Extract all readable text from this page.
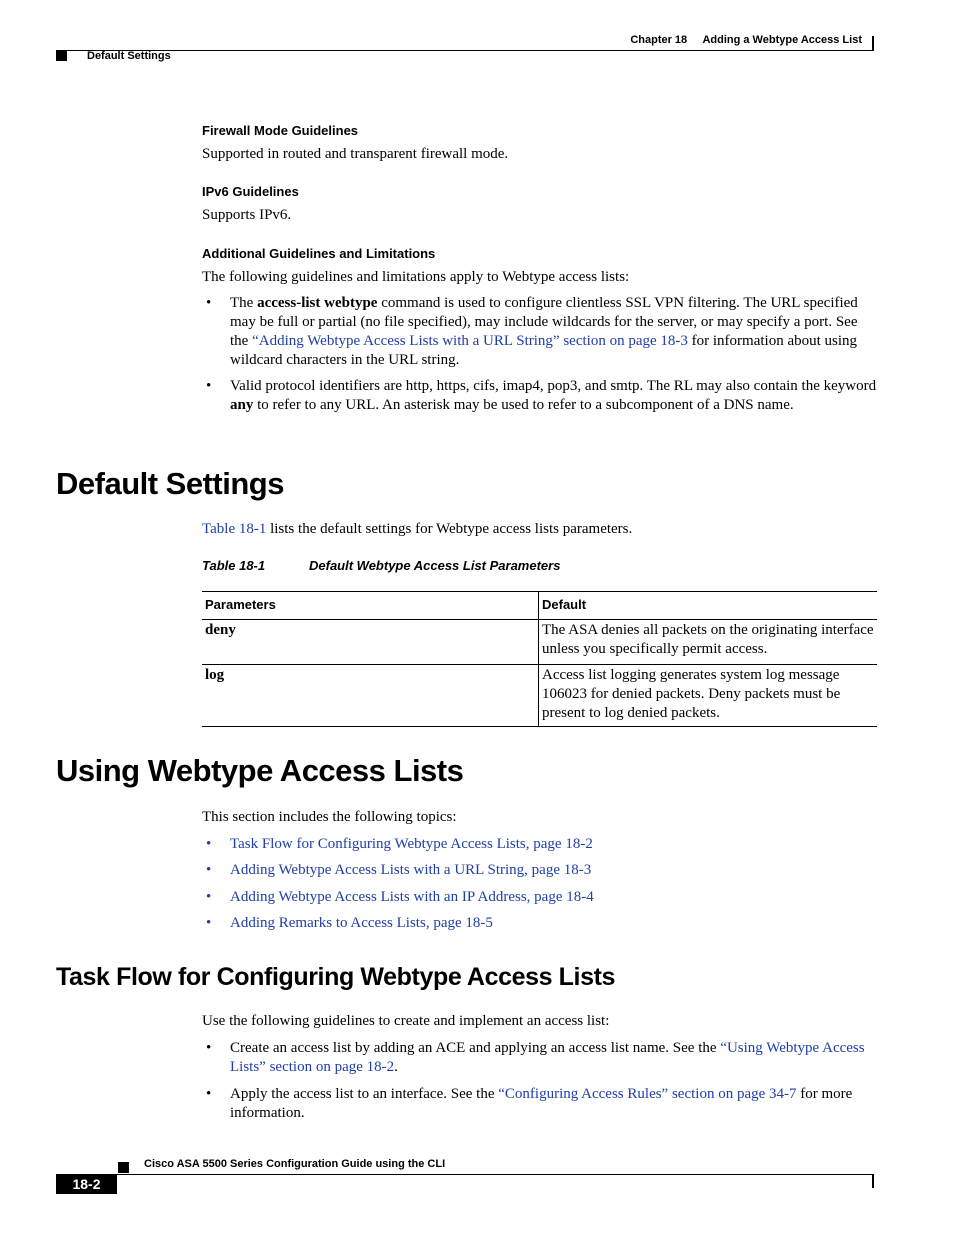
Chapter 18 Adding a Webtype Access List
Default Settings
Firewall Mode Guidelines
Supported in routed and transparent firewall mode.
IPv6 Guidelines
Supports IPv6.
Additional Guidelines and Limitations
The following guidelines and limitations apply to Webtype access lists:
• The access-list webtype command is used to configure clientless SSL VPN filtering. The URL specified may be full or partial (no file specified), may include wildcards for the server, or may specify a port. See the “Adding Webtype Access Lists with a URL String” section on page 18-3 for information about using wildcard characters in the URL string.
• Valid protocol identifiers are http, https, cifs, imap4, pop3, and smtp. The RL may also contain the keyword any to refer to any URL. An asterisk may be used to refer to a subcomponent of a DNS name.
Default Settings
Table 18-1 lists the default settings for Webtype access lists parameters.
Table 18-1	Default Webtype Access List Parameters
Parameters	Default
deny	The ASA denies all packets on the originating interface unless you specifically permit access.
log	Access list logging generates system log message 106023 for denied packets. Deny packets must be present to log denied packets.
Using Webtype Access Lists
This section includes the following topics:
• Task Flow for Configuring Webtype Access Lists, page 18-2
• Adding Webtype Access Lists with a URL String, page 18-3
• Adding Webtype Access Lists with an IP Address, page 18-4
• Adding Remarks to Access Lists, page 18-5
Task Flow for Configuring Webtype Access Lists
Use the following guidelines to create and implement an access list:
• Create an access list by adding an ACE and applying an access list name. See the “Using Webtype Access Lists” section on page 18-2.
• Apply the access list to an interface. See the “Configuring Access Rules” section on page 34-7 for more information.
Cisco ASA 5500 Series Configuration Guide using the CLI
18-2
